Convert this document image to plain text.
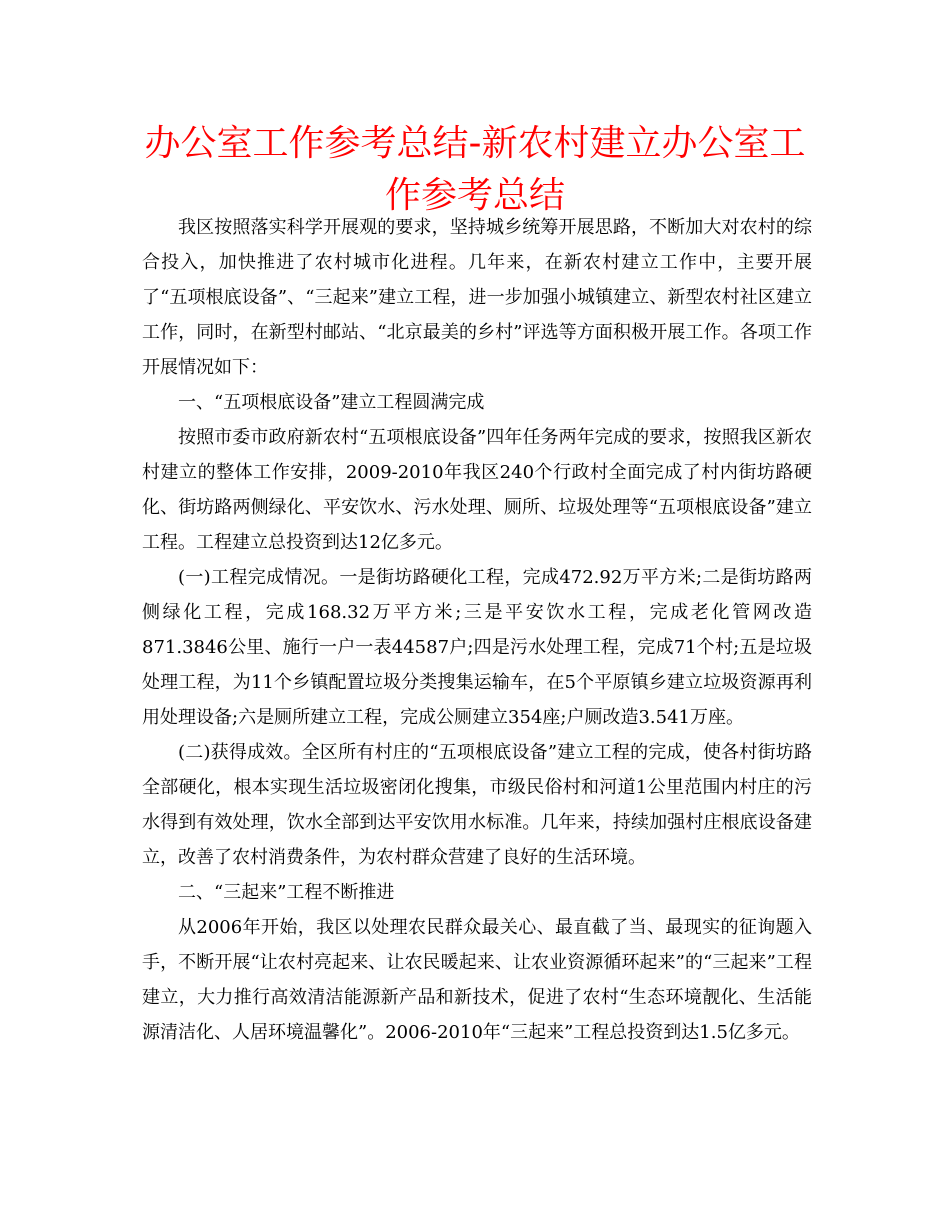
办公室工作参考总结-新农村建立办公室工作参考总结

我区按照落实科学开展观的要求，坚持城乡统筹开展思路，不断加大对农村的综合投入，加快推进了农村城市化进程。几年来，在新农村建立工作中，主要开展了“五项根底设备”、“三起来”建立工程，进一步加强小城镇建立、新型农村社区建立工作，同时，在新型村邮站、“北京最美的乡村”评选等方面积极开展工作。各项工作开展情况如下：

一、“五项根底设备”建立工程圆满完成

按照市委市政府新农村“五项根底设备”四年任务两年完成的要求，按照我区新农村建立的整体工作安排，2009-2010年我区240个行政村全面完成了村内街坊路硬化、街坊路两侧绿化、平安饮水、污水处理、厕所、垃圾处理等“五项根底设备”建立工程。工程建立总投资到达12亿多元。

(一)工程完成情况。一是街坊路硬化工程，完成472.92万平方米;二是街坊路两侧绿化工程，完成168.32万平方米;三是平安饮水工程，完成老化管网改造871.3846公里、施行一户一表44587户;四是污水处理工程，完成71个村;五是垃圾处理工程，为11个乡镇配置垃圾分类搜集运输车，在5个平原镇乡建立垃圾资源再利用处理设备;六是厕所建立工程，完成公厕建立354座;户厕改造3.541万座。

(二)获得成效。全区所有村庄的“五项根底设备”建立工程的完成，使各村街坊路全部硬化，根本实现生活垃圾密闭化搜集，市级民俗村和河道1公里范围内村庄的污水得到有效处理，饮水全部到达平安饮用水标准。几年来，持续加强村庄根底设备建立，改善了农村消费条件，为农村群众营建了良好的生活环境。

二、“三起来”工程不断推进

从2006年开始，我区以处理农民群众最关心、最直截了当、最现实的征询题入手，不断开展“让农村亮起来、让农民暖起来、让农业资源循环起来”的“三起来”工程建立，大力推行高效清洁能源新产品和新技术，促进了农村“生态环境靓化、生活能源清洁化、人居环境温馨化”。2006-2010年“三起来”工程总投资到达1.5亿多元。
